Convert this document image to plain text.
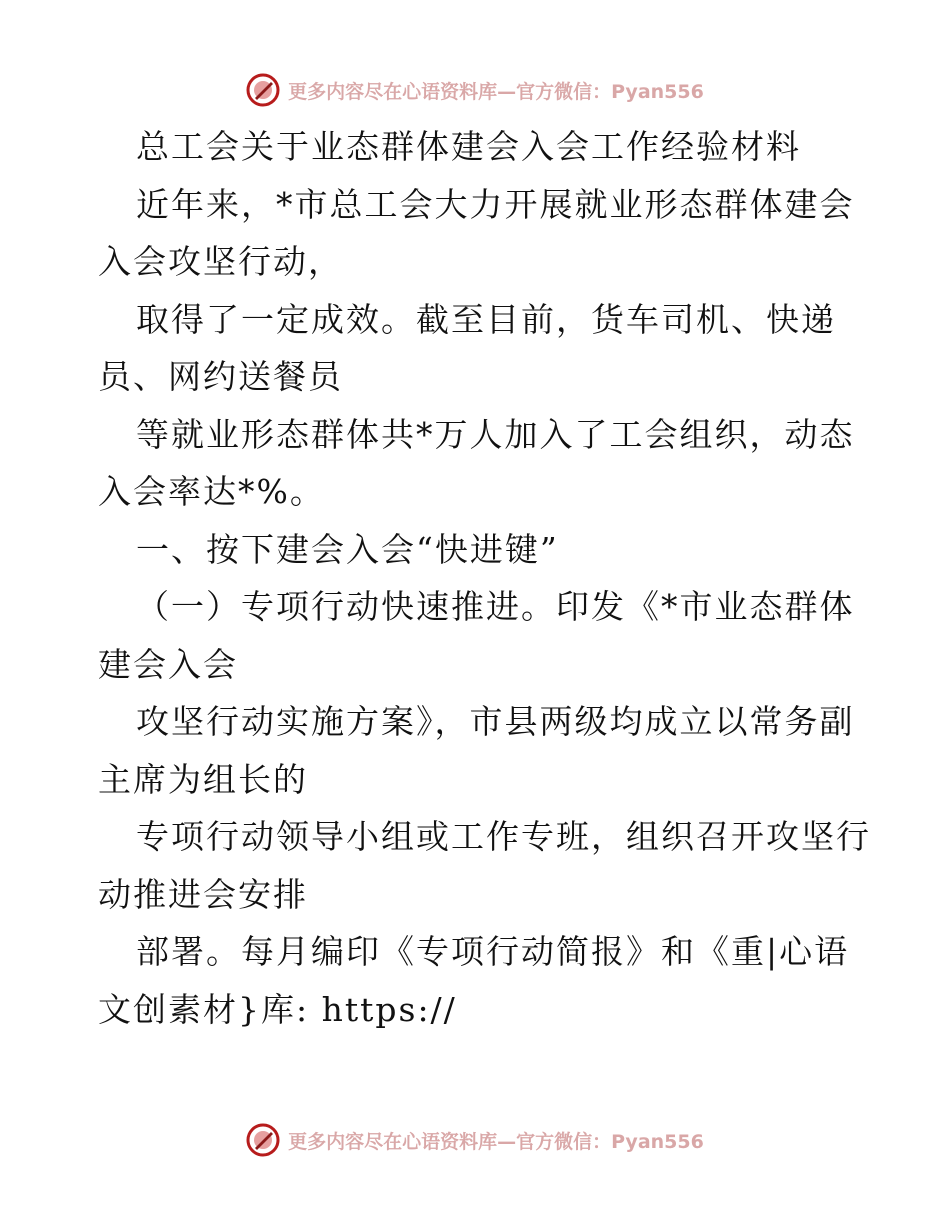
更多内容尽在心语资料库—官方微信：Pyan556
总工会关于业态群体建会入会工作经验材料
近年来，*市总工会大力开展就业形态群体建会
入会攻坚行动，
取得了一定成效。截至目前，货车司机、快递
员、网约送餐员
等就业形态群体共*万人加入了工会组织，动态
入会率达*%。
一、按下建会入会“快进键”
（一）专项行动快速推进。印发《*市业态群体
建会入会
攻坚行动实施方案》，市县两级均成立以常务副
主席为组长的
专项行动领导小组或工作专班，组织召开攻坚行
动推进会安排
部署。每月编印《专项行动简报》和《重|心语
文创素材}库: https://
更多内容尽在心语资料库—官方微信：Pyan556
